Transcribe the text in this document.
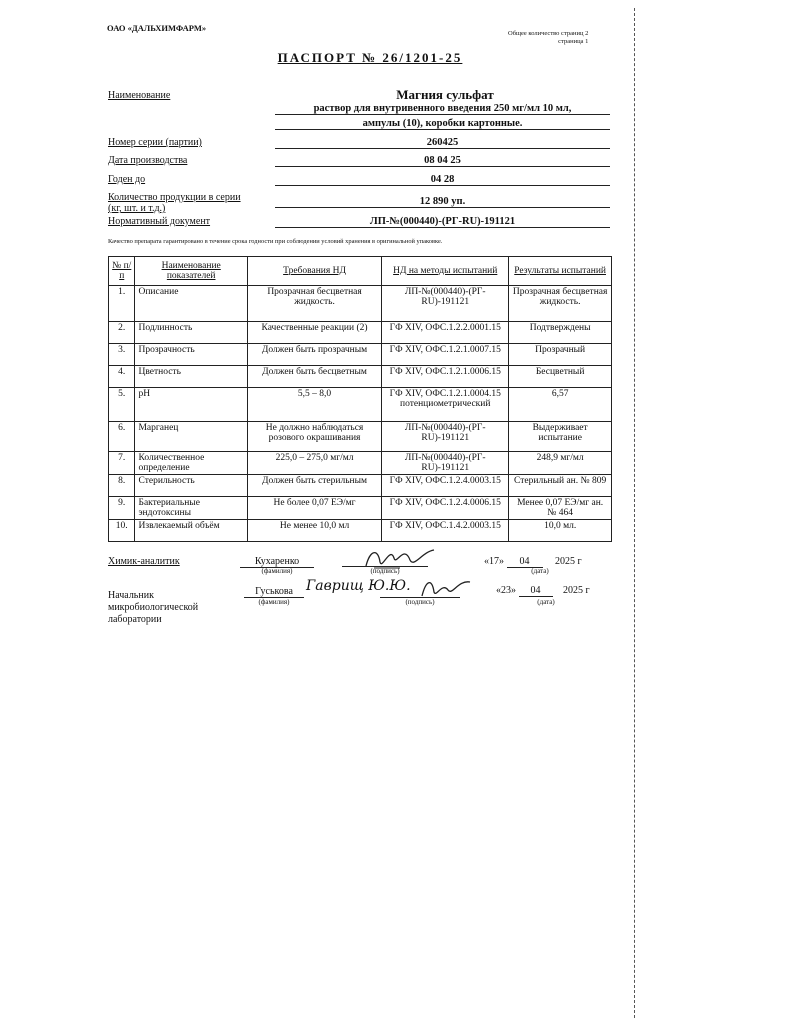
ОАО «ДАЛЬХИМФАРМ»
Общее количество страниц 2
страница 1
ПАСПОРТ № 26/1201-25
Наименование	Магния сульфат
раствор для внутривенного введения 250 мг/мл 10 мл,
ампулы (10), коробки картонные.
Номер серии (партии)	260425
Дата производства	08 04 25
Годен до	04 28
Количество продукции в серии
(кг, шт. и т.д.)
12 890 уп.
Нормативный документ	ЛП-№(000440)-(РГ-RU)-191121
Качество препарата гарантировано в течение срока годности при соблюдении условий хранения в оригинальной упаковке.
№ п/п	Наименование показателей	Требования НД	НД на методы испытаний	Результаты испытаний
1.	Описание	Прозрачная бесцветная жидкость.	ЛП-№(000440)-(РГ-RU)-191121	Прозрачная бесцветная жидкость.
2.	Подлинность	Качественные реакции (2)	ГФ XIV, ОФС.1.2.2.0001.15	Подтверждены
3.	Прозрачность	Должен быть прозрачным	ГФ XIV, ОФС.1.2.1.0007.15	Прозрачный
4.	Цветность	Должен быть бесцветным	ГФ XIV, ОФС.1.2.1.0006.15	Бесцветный
5.	pH	5,5 – 8,0	ГФ XIV, ОФС.1.2.1.0004.15 потенциометрический	6,57
6.	Марганец	Не должно наблюдаться розового окрашивания	ЛП-№(000440)-(РГ-RU)-191121	Выдерживает испытание
7.	Количественное определение	225,0 – 275,0 мг/мл	ЛП-№(000440)-(РГ-RU)-191121	248,9 мг/мл
8.	Стерильность	Должен быть стерильным	ГФ XIV, ОФС.1.2.4.0003.15	Стерильный ан. № 809
9.	Бактериальные эндотоксины	Не более 0,07 ЕЭ/мг	ГФ XIV, ОФС.1.2.4.0006.15	Менее 0,07 ЕЭ/мг ан. № 464
10.	Извлекаемый объём	Не менее 10,0 мл	ГФ XIV, ОФС.1.4.2.0003.15	10,0 мл.
Химик-аналитик	Кухаренко
(фамилия)	(подпись)
«17» 04	2025 г
(дата)
Начальник
микробиологической
лаборатории
Гуськова
(фамилия)
Гаврищ Ю.Ю.
(подпись)
«23» 04 2025 г
(дата)
